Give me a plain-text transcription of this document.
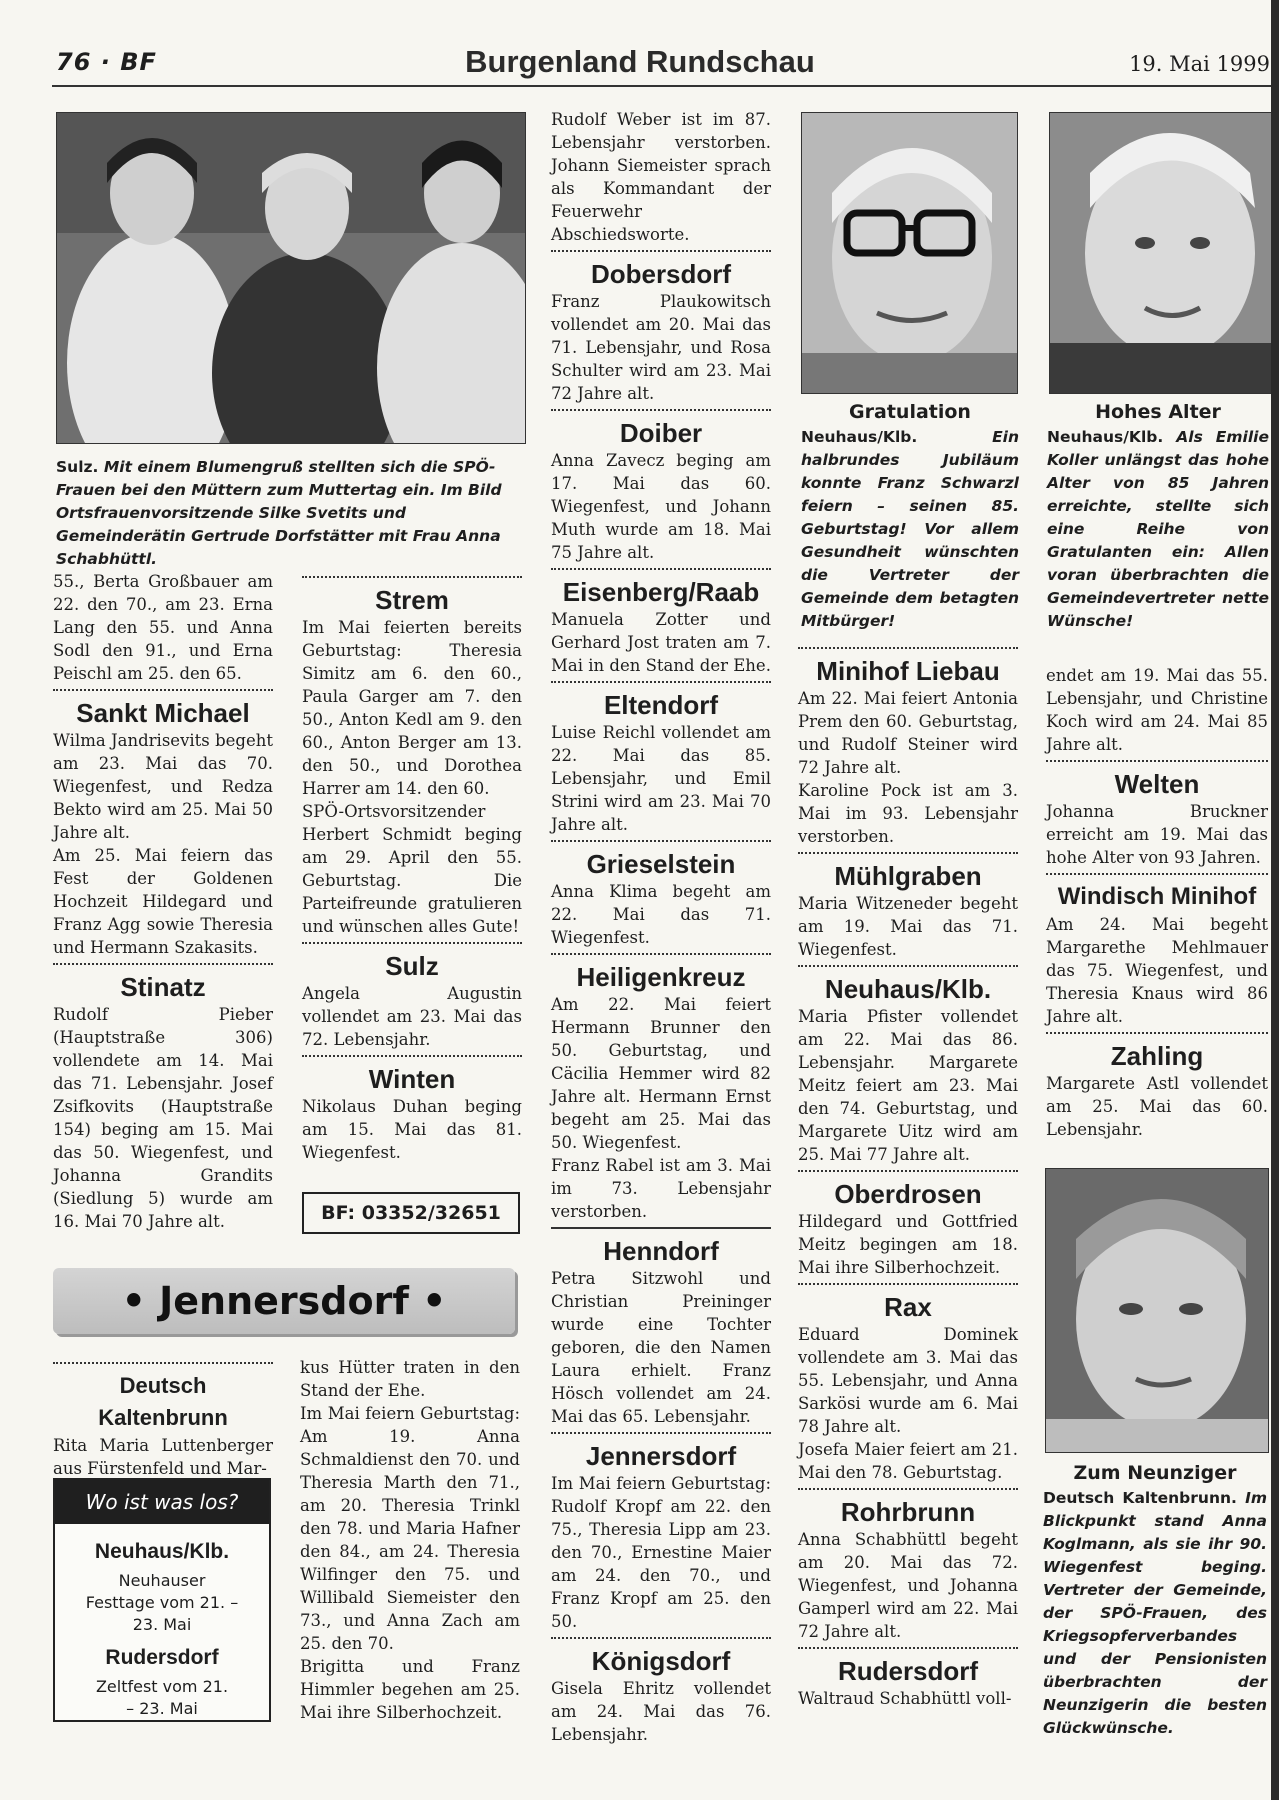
76 · BF	Burgenland Rundschau	19. Mai 1999
Sulz. Mit einem Blumengruß stellten sich die SPÖ-Frauen bei den Müttern zum Muttertag ein. Im Bild Ortsfrauenvorsitzende Silke Svetits und Gemeinderätin Gertrude Dorfstätter mit Frau Anna Schabhüttl.
55., Berta Großbauer am 22. den 70., am 23. Erna Lang den 55. und Anna Sodl den 91., und Erna Peischl am 25. den 65.
Sankt Michael
Wilma Jandrisevits begeht am 23. Mai das 70. Wiegenfest, und Redza Bekto wird am 25. Mai 50 Jahre alt.
Am 25. Mai feiern das Fest der Goldenen Hochzeit Hildegard und Franz Agg sowie Theresia und Hermann Szakasits.
Stinatz
Rudolf Pieber (Hauptstraße 306) vollendete am 14. Mai das 71. Lebensjahr. Josef Zsifkovits (Hauptstraße 154) beging am 15. Mai das 50. Wiegenfest, und Johanna Grandits (Siedlung 5) wurde am 16. Mai 70 Jahre alt.
Strem
Im Mai feierten bereits Geburtstag: Theresia Simitz am 6. den 60., Paula Garger am 7. den 50., Anton Kedl am 9. den 60., Anton Berger am 13. den 50., und Dorothea Harrer am 14. den 60.
SPÖ-Ortsvorsitzender Herbert Schmidt beging am 29. April den 55. Geburtstag. Die Parteifreunde gratulieren und wünschen alles Gute!
Sulz
Angela Augustin vollendet am 23. Mai das 72. Lebensjahr.
Winten
Nikolaus Duhan beging am 15. Mai das 81. Wiegenfest.
BF: 03352/32651
• Jennersdorf •
Deutsch Kaltenbrunn
Rita Maria Luttenberger aus Fürstenfeld und Mar-
Wo ist was los?
Neuhaus/Klb.
Neuhauser Festtage vom 21. – 23. Mai
Rudersdorf
Zeltfest vom 21. – 23. Mai
kus Hütter traten in den Stand der Ehe.
Im Mai feiern Geburtstag: Am 19. Anna Schmaldienst den 70. und Theresia Marth den 71., am 20. Theresia Trinkl den 78. und Maria Hafner den 84., am 24. Theresia Wilfinger den 75. und Willibald Siemeister den 73., und Anna Zach am 25. den 70.
Brigitta und Franz Himmler begehen am 25. Mai ihre Silberhochzeit.
Rudolf Weber ist im 87. Lebensjahr verstorben. Johann Siemeister sprach als Kommandant der Feuerwehr Abschiedsworte.
Dobersdorf
Franz Plaukowitsch vollendet am 20. Mai das 71. Lebensjahr, und Rosa Schulter wird am 23. Mai 72 Jahre alt.
Doiber
Anna Zavecz beging am 17. Mai das 60. Wiegenfest, und Johann Muth wurde am 18. Mai 75 Jahre alt.
Eisenberg/Raab
Manuela Zotter und Gerhard Jost traten am 7. Mai in den Stand der Ehe.
Eltendorf
Luise Reichl vollendet am 22. Mai das 85. Lebensjahr, und Emil Strini wird am 23. Mai 70 Jahre alt.
Grieselstein
Anna Klima begeht am 22. Mai das 71. Wiegenfest.
Heiligenkreuz
Am 22. Mai feiert Hermann Brunner den 50. Geburtstag, und Cäcilia Hemmer wird 82 Jahre alt. Hermann Ernst begeht am 25. Mai das 50. Wiegenfest.
Franz Rabel ist am 3. Mai im 73. Lebensjahr verstorben.
Henndorf
Petra Sitzwohl und Christian Preininger wurde eine Tochter geboren, die den Namen Laura erhielt. Franz Hösch vollendet am 24. Mai das 65. Lebensjahr.
Jennersdorf
Im Mai feiern Geburtstag: Rudolf Kropf am 22. den 75., Theresia Lipp am 23. den 70., Ernestine Maier am 24. den 70., und Franz Kropf am 25. den 50.
Königsdorf
Gisela Ehritz vollendet am 24. Mai das 76. Lebensjahr.
Gratulation
Neuhaus/Klb.	Ein halbrundes Jubiläum konnte Franz Schwarzl feiern – seinen 85. Geburtstag! Vor allem Gesundheit wünschten die Vertreter der Gemeinde dem betagten Mitbürger!
Minihof Liebau
Am 22. Mai feiert Antonia Prem den 60. Geburtstag, und Rudolf Steiner wird 72 Jahre alt.
Karoline Pock ist am 3. Mai im 93. Lebensjahr verstorben.
Mühlgraben
Maria Witzeneder begeht am 19. Mai das 71. Wiegenfest.
Neuhaus/Klb.
Maria Pfister vollendet am 22. Mai das 86. Lebensjahr. Margarete Meitz feiert am 23. Mai den 74. Geburtstag, und Margarete Uitz wird am 25. Mai 77 Jahre alt.
Oberdrosen
Hildegard und Gottfried Meitz begingen am 18. Mai ihre Silberhochzeit.
Rax
Eduard Dominek vollendete am 3. Mai das 55. Lebensjahr, und Anna Sarkösi wurde am 6. Mai 78 Jahre alt.
Josefa Maier feiert am 21. Mai den 78. Geburtstag.
Rohrbrunn
Anna Schabhüttl begeht am 20. Mai das 72. Wiegenfest, und Johanna Gamperl wird am 22. Mai 72 Jahre alt.
Rudersdorf
Waltraud Schabhüttl voll-
Hohes Alter
Neuhaus/Klb. Als Emilie Koller unlängst das hohe Alter von 85 Jahren erreichte, stellte sich eine Reihe von Gratulanten ein: Allen voran überbrachten die Gemeindevertreter nette Wünsche!
endet am 19. Mai das 55. Lebensjahr, und Christine Koch wird am 24. Mai 85 Jahre alt.
Welten
Johanna Bruckner erreicht am 19. Mai das hohe Alter von 93 Jahren.
Windisch Minihof
Am 24. Mai begeht Margarethe Mehlmauer das 75. Wiegenfest, und Theresia Knaus wird 86 Jahre alt.
Zahling
Margarete Astl vollendet am 25. Mai das 60. Lebensjahr.
Zum Neunziger
Deutsch Kaltenbrunn. Im Blickpunkt stand Anna Koglmann, als sie ihr 90. Wiegenfest beging. Vertreter der Gemeinde, der SPÖ-Frauen, des Kriegsopferverbandes und der Pensionisten überbrachten der Neunzigerin die besten Glückwünsche.
